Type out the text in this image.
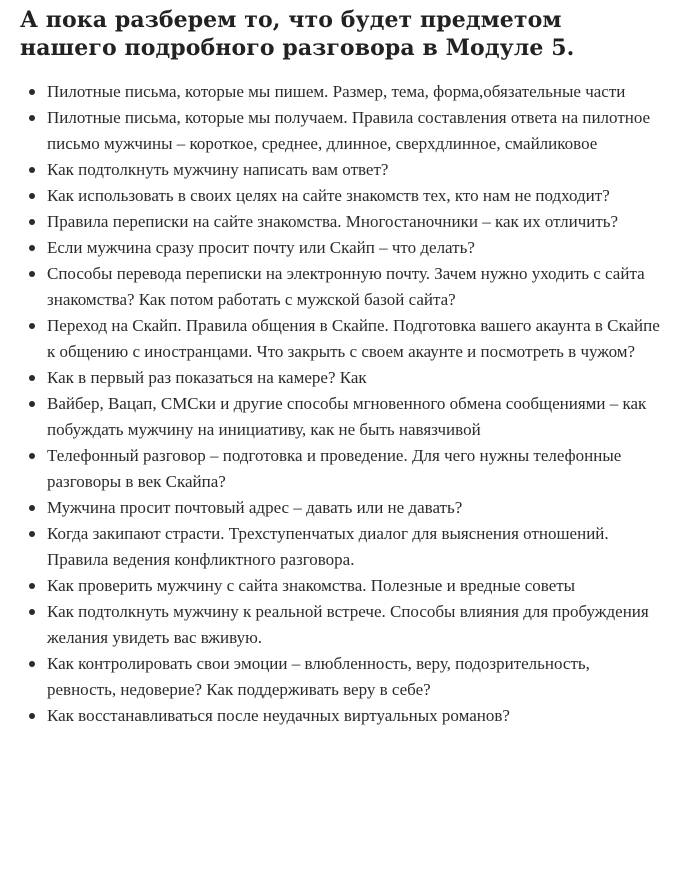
А пока разберем то, что будет предметом нашего подробного разговора в Модуле 5.
Пилотные письма, которые мы пишем. Размер, тема, форма,обязательные части
Пилотные письма, которые мы получаем. Правила составления ответа на пилотное письмо мужчины – короткое, среднее, длинное, сверхдлинное, смайликовое
Как подтолкнуть мужчину написать вам ответ?
Как использовать в своих целях на сайте знакомств тех, кто нам не подходит?
Правила переписки на сайте знакомства. Многостаночники – как их отличить?
Если мужчина сразу просит почту или Скайп – что делать?
Способы перевода переписки на электронную почту. Зачем нужно уходить с сайта знакомства? Как потом работать с мужской базой сайта?
Переход на Скайп. Правила общения в Скайпе. Подготовка вашего акаунта в Скайпе к общению с иностранцами. Что закрыть с своем акаунте и посмотреть в чужом?
Как в первый раз показаться на камере? Как
Вайбер, Вацап, СМСки и другие способы мгновенного обмена сообщениями – как побуждать мужчину на инициативу, как не быть навязчивой
Телефонный разговор – подготовка и проведение. Для чего нужны телефонные разговоры в век Скайпа?
Мужчина просит почтовый адрес – давать или не давать?
Когда закипают страсти. Трехступенчатых диалог для выяснения отношений. Правила ведения конфликтного разговора.
Как проверить мужчину с сайта знакомства. Полезные и вредные советы
Как подтолкнуть мужчину к реальной встрече. Способы влияния для пробуждения желания увидеть вас вживую.
Как контролировать свои эмоции – влюбленность, веру, подозрительность, ревность, недоверие? Как поддерживать веру в себе?
Как восстанавливаться после неудачных виртуальных романов?
